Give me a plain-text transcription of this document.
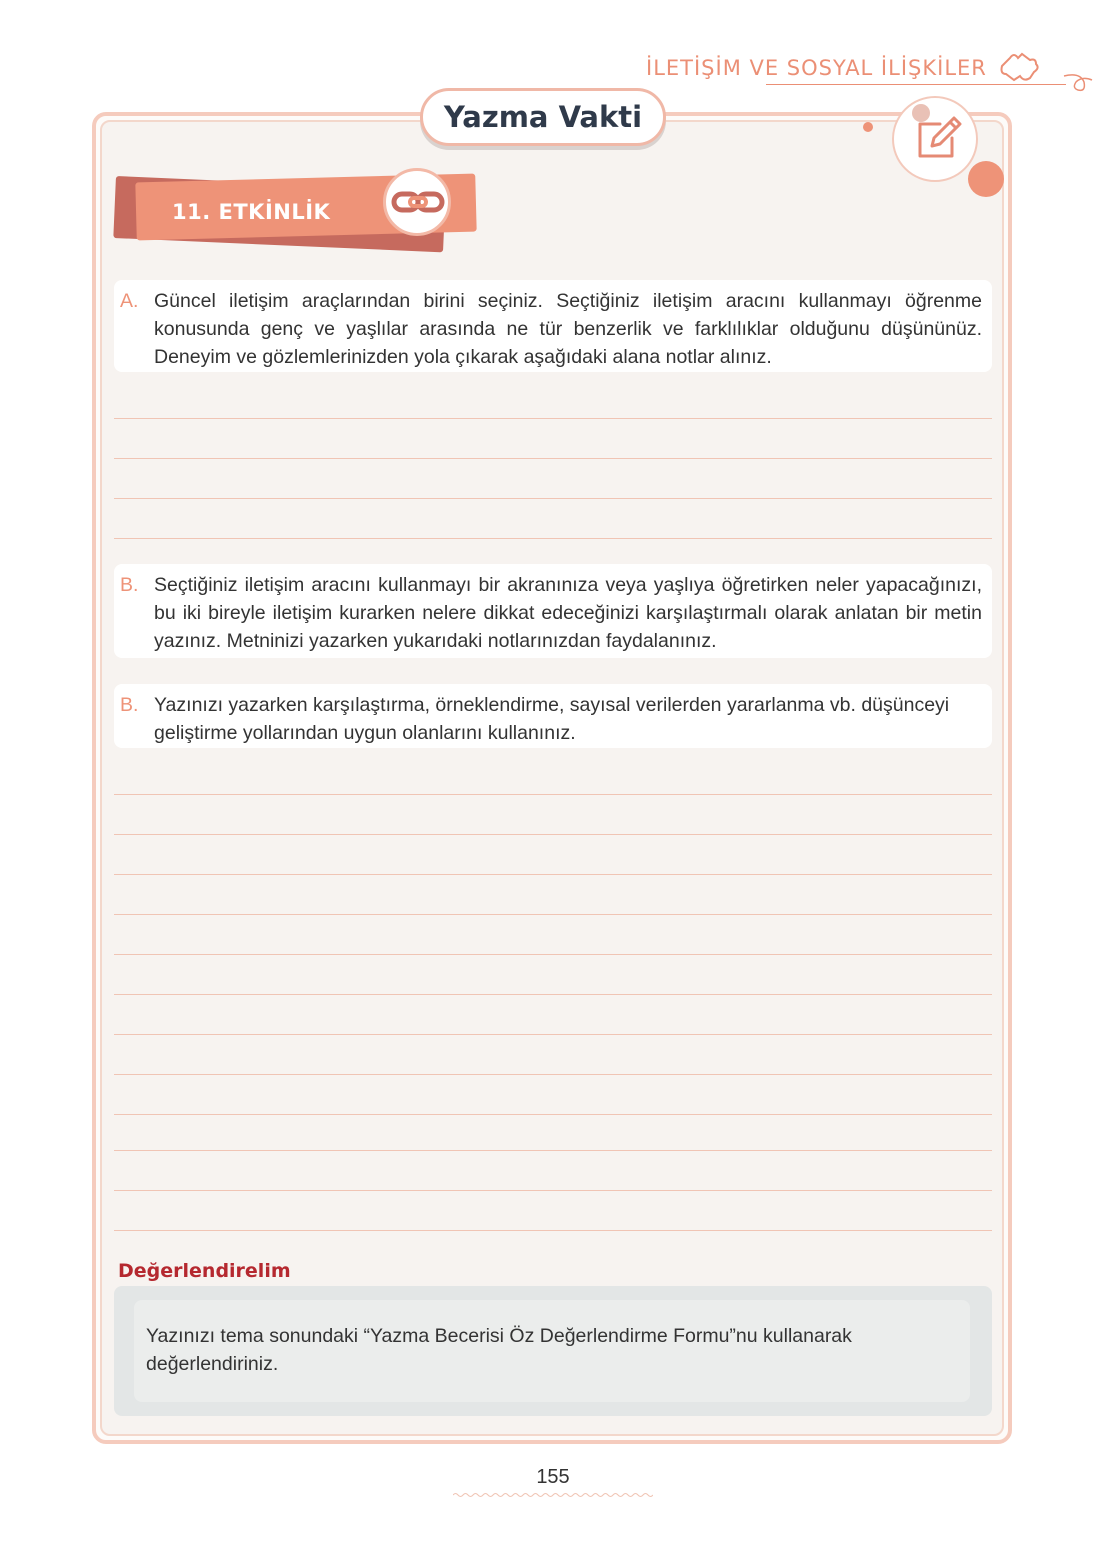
İLETİŞİM VE SOSYAL İLİŞKİLER
Yazma Vakti
11. ETKİNLİK
A. Güncel iletişim araçlarından birini seçiniz. Seçtiğiniz iletişim aracını kullanmayı öğrenme konusunda genç ve yaşlılar arasında ne tür benzerlik ve farklılıklar olduğunu düşününüz. Deneyim ve gözlemlerinizden yola çıkarak aşağıdaki alana notlar alınız.

B. Seçtiğiniz iletişim aracını kullanmayı bir akranınıza veya yaşlıya öğretirken neler yapacağınızı, bu iki bireyle iletişim kurarken nelere dikkat edeceğinizi karşılaştırmalı olarak anlatan bir metin yazınız. Metninizi yazarken yukarıdaki notlarınızdan faydalanınız.

B. Yazınızı yazarken karşılaştırma, örneklendirme, sayısal verilerden yararlanma vb. düşünceyi geliştirme yollarından uygun olanlarını kullanınız.

Değerlendirelim
Yazınızı tema sonundaki “Yazma Becerisi Öz Değerlendirme Formu”nu kullanarak değerlendiriniz.
155
